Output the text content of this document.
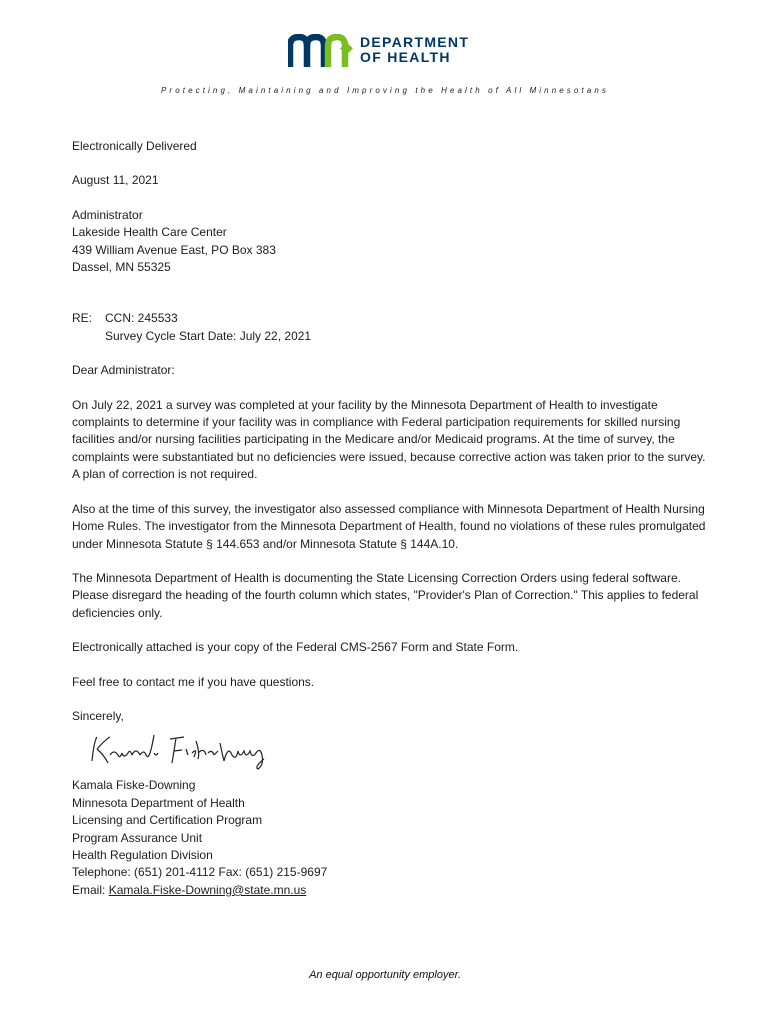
DEPARTMENT
OF HEALTH
Protecting, Maintaining and Improving the Health of All Minnesotans

Electronically Delivered

August 11, 2021

Administrator

Lakeside Health Care Center

439 William Avenue East, PO Box 383

Dassel, MN 55325

RE:	CCN: 245533

Survey Cycle Start Date: July 22, 2021

Dear Administrator:

On July 22, 2021 a survey was completed at your facility by the Minnesota Department of Health to investigate complaints to determine if your facility was in compliance with Federal participation requirements for skilled nursing facilities and/or nursing facilities participating in the Medicare and/or Medicaid programs. At the time of survey, the complaints were substantiated but no deficiencies were issued, because corrective action was taken prior to the survey. A plan of correction is not required.

Also at the time of this survey, the investigator also assessed compliance with Minnesota Department of Health Nursing Home Rules. The investigator from the Minnesota Department of Health, found no violations of these rules promulgated under Minnesota Statute § 144.653 and/or Minnesota Statute § 144A.10.

The Minnesota Department of Health is documenting the State Licensing Correction Orders using federal software. Please disregard the heading of the fourth column which states, "Provider's Plan of Correction." This applies to federal deficiencies only.

Electronically attached is your copy of the Federal CMS-2567 Form and State Form.

Feel free to contact me if you have questions.

Sincerely,

Kamala Fiske-Downing

Minnesota Department of Health

Licensing and Certification Program

Program Assurance Unit

Health Regulation Division

Telephone: (651) 201-4112 Fax: (651) 215-9697

Email: Kamala.Fiske-Downing@state.mn.us

An equal opportunity employer.
